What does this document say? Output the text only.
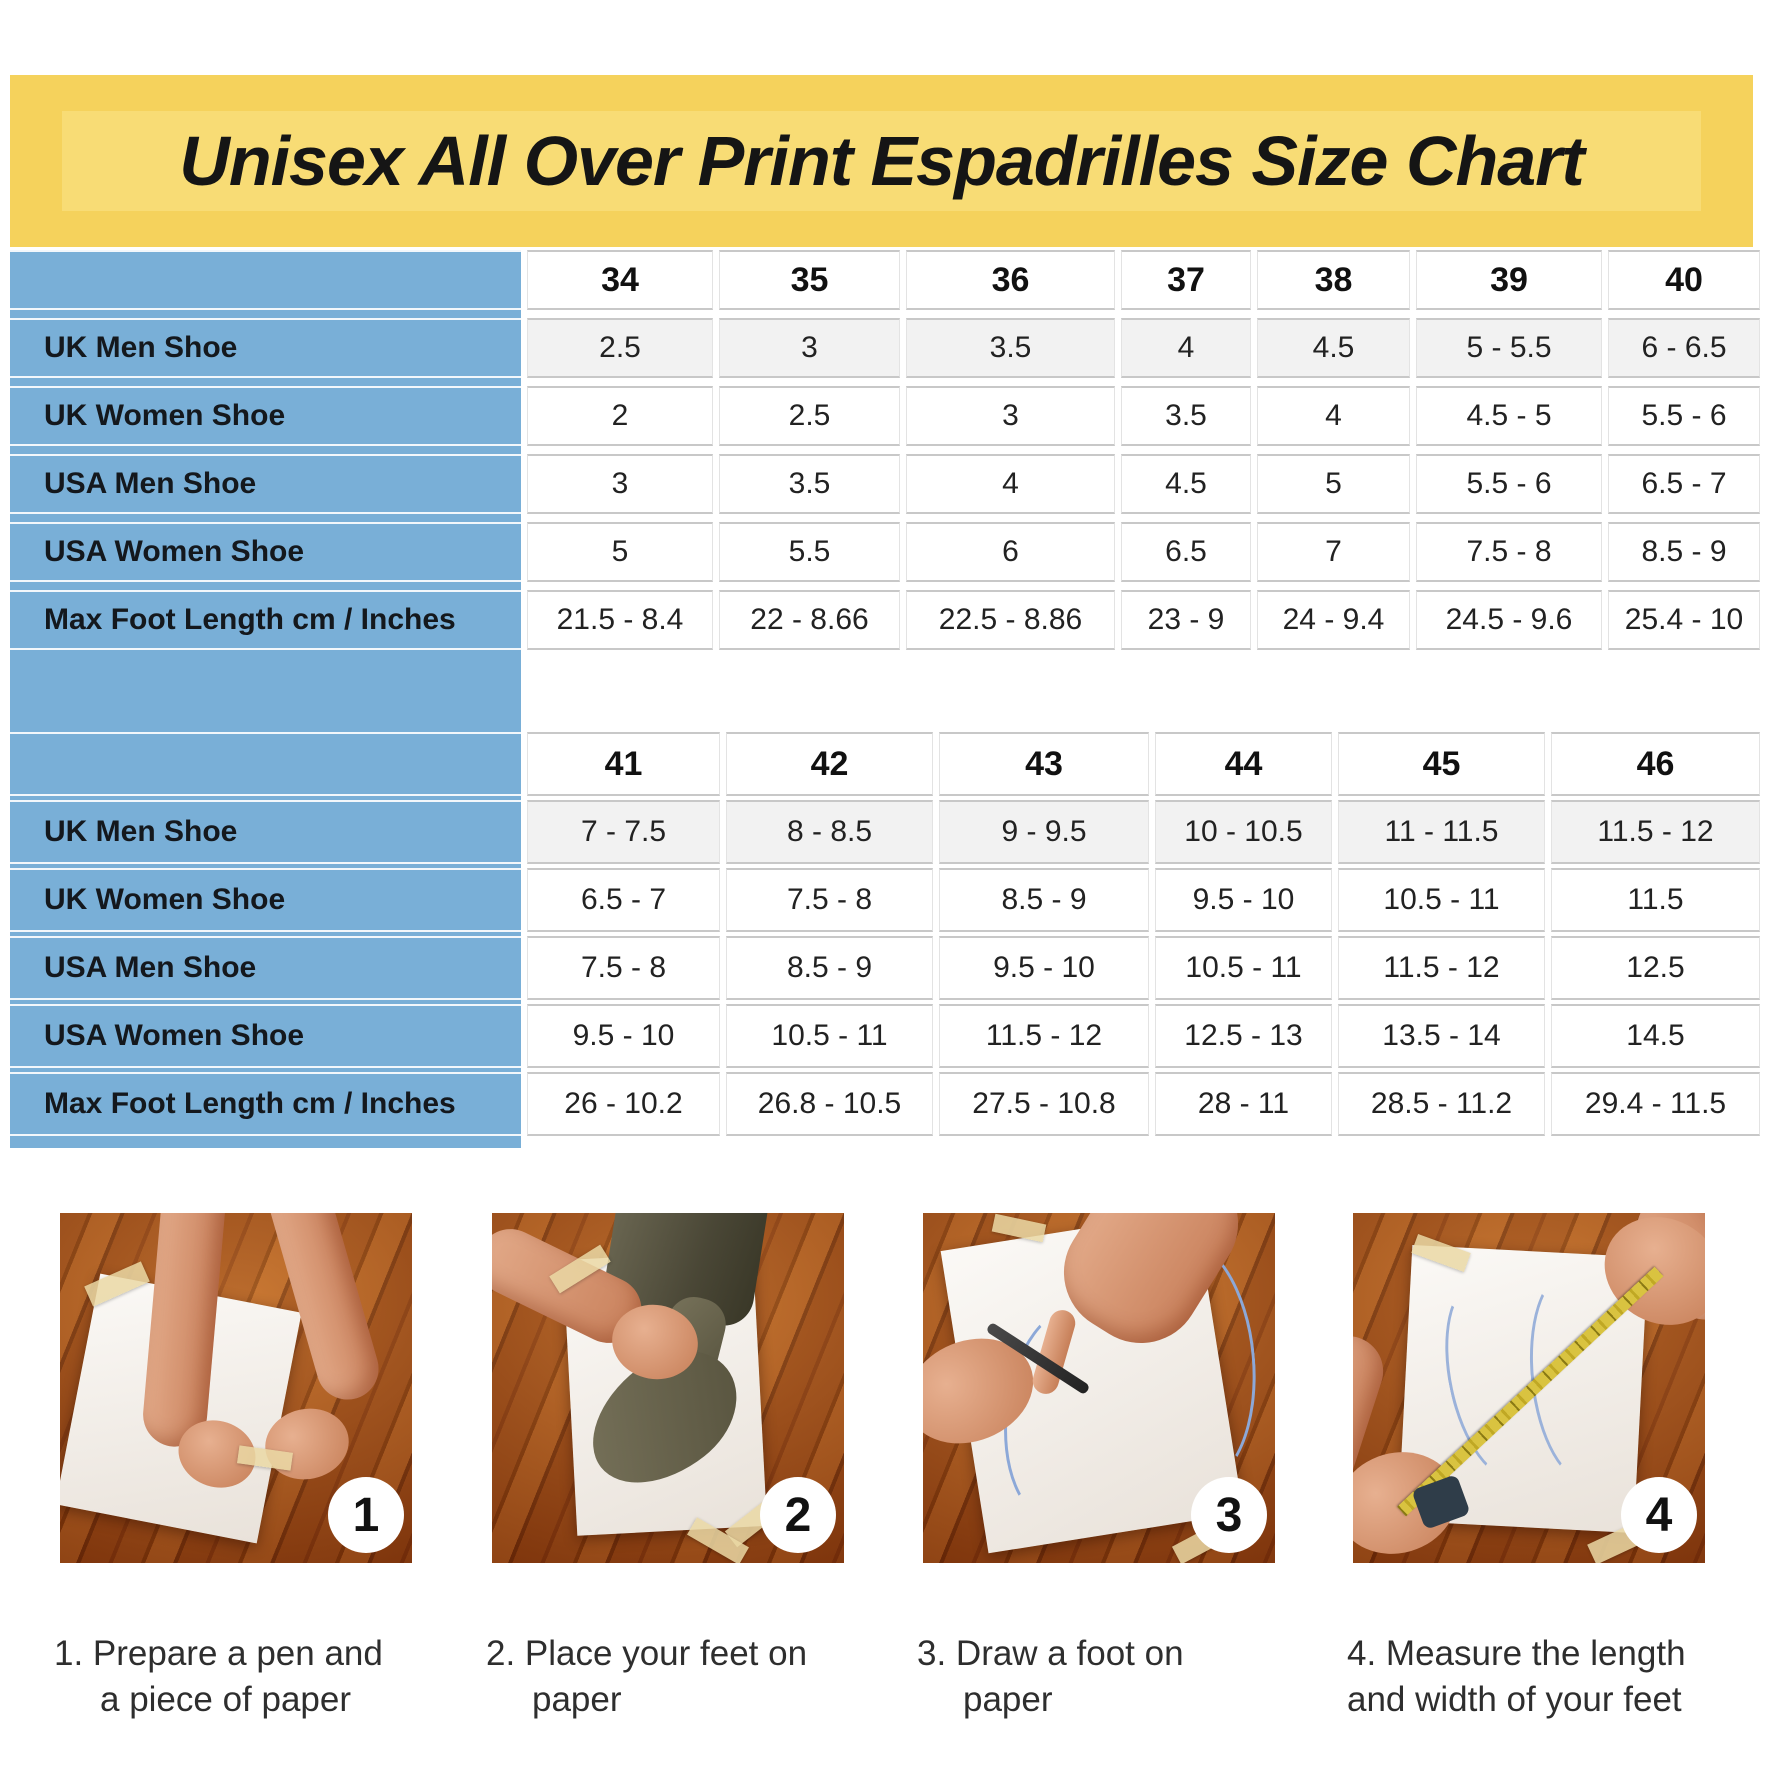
Unisex All Over Print Espadrilles Size Chart
34	35	36	37	38	39	40
UK Men Shoe	2.5	3	3.5	4	4.5	5 - 5.5	6 - 6.5
UK Women Shoe	2	2.5	3	3.5	4	4.5 - 5	5.5 - 6
USA Men Shoe	3	3.5	4	4.5	5	5.5 - 6	6.5 - 7
USA Women Shoe	5	5.5	6	6.5	7	7.5 - 8	8.5 - 9
Max Foot Length cm / Inches	21.5 - 8.4	22 - 8.66	22.5 - 8.86	23 - 9	24 - 9.4	24.5 - 9.6	25.4 - 10
41	42	43	44	45	46
UK Men Shoe	7 - 7.5	8 - 8.5	9 - 9.5	10 - 10.5	11 - 11.5	11.5 - 12
UK Women Shoe	6.5 - 7	7.5 - 8	8.5 - 9	9.5 - 10	10.5 - 11	11.5
USA Men Shoe	7.5 - 8	8.5 - 9	9.5 - 10	10.5 - 11	11.5 - 12	12.5
USA Women Shoe	9.5 - 10	10.5 - 11	11.5 - 12	12.5 - 13	13.5 - 14	14.5
Max Foot Length cm / Inches	26 - 10.2	26.8 - 10.5	27.5 - 10.8	28 - 11	28.5 - 11.2	29.4 - 11.5
1
1. Prepare a pen and
a piece of paper
2
2. Place your feet on
paper
3
3. Draw a foot on
paper
4
4. Measure the length
and width of your feet
